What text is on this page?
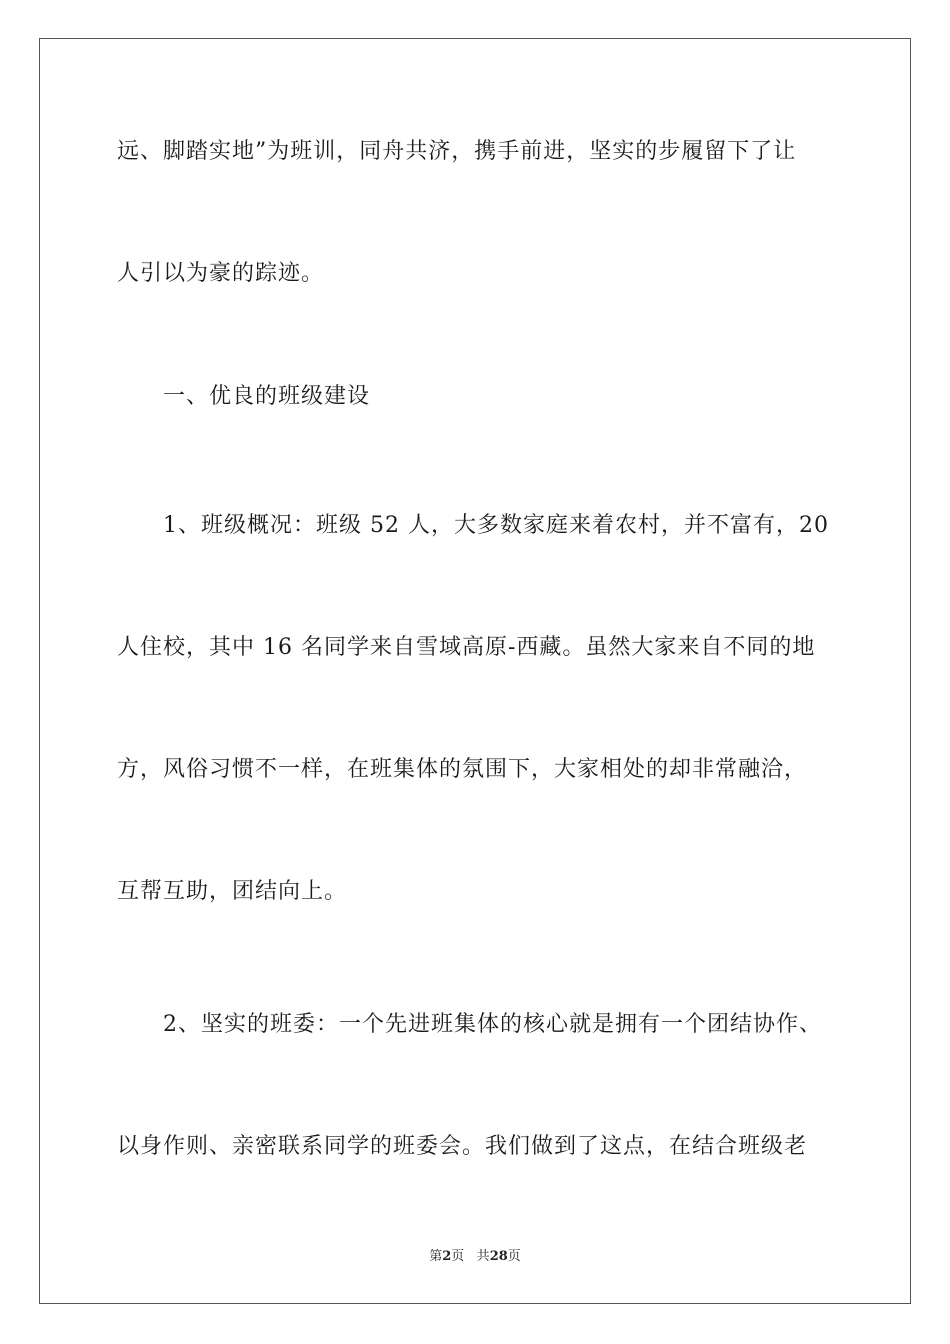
远、脚踏实地”为班训，同舟共济，携手前进，坚实的步履留下了让
人引以为豪的踪迹。
一、优良的班级建设
1、班级概况：班级 52 人，大多数家庭来着农村，并不富有，20
人住校，其中 16 名同学来自雪域高原-西藏。虽然大家来自不同的地
方，风俗习惯不一样，在班集体的氛围下，大家相处的却非常融洽，
互帮互助，团结向上。
2、坚实的班委：一个先进班集体的核心就是拥有一个团结协作、
以身作则、亲密联系同学的班委会。我们做到了这点，在结合班级老
第2页 共28页
